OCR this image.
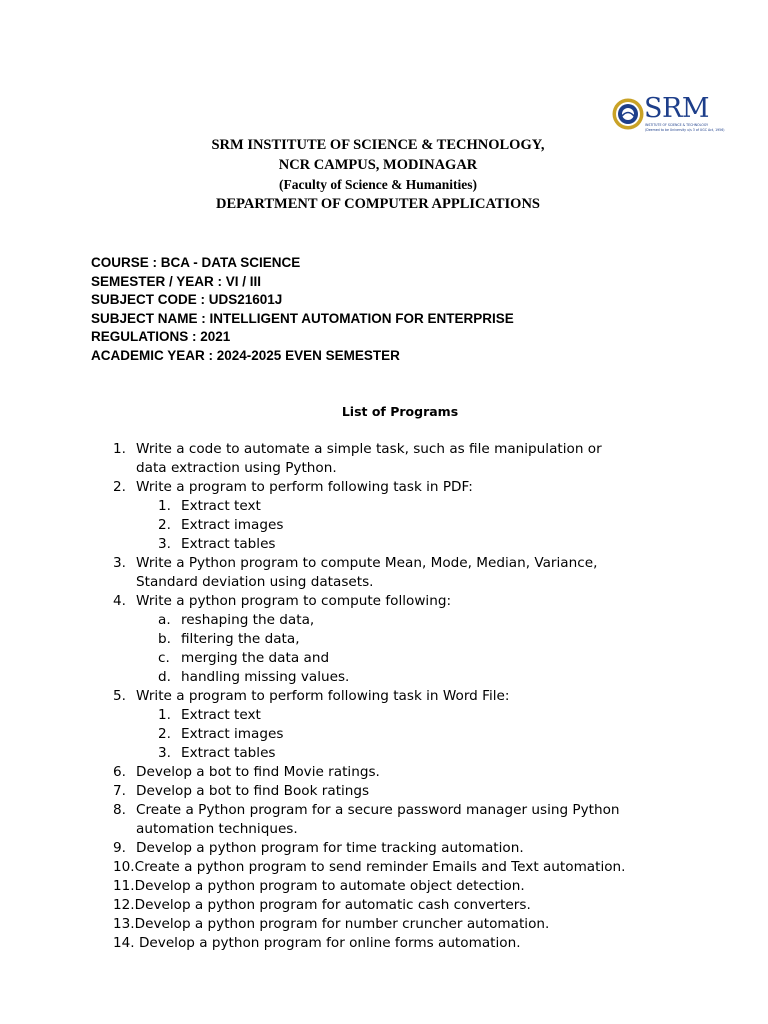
SRM
INSTITUTE OF SCIENCE & TECHNOLOGY
(Deemed to be University u/s 3 of UGC Act, 1956)
SRM INSTITUTE OF SCIENCE & TECHNOLOGY,
NCR CAMPUS, MODINAGAR
(Faculty of Science & Humanities)
DEPARTMENT OF COMPUTER APPLICATIONS
COURSE : BCA - DATA SCIENCE
SEMESTER / YEAR : VI / III
SUBJECT CODE : UDS21601J
SUBJECT NAME : INTELLIGENT AUTOMATION FOR ENTERPRISE
REGULATIONS : 2021
ACADEMIC YEAR : 2024-2025 EVEN SEMESTER
List of Programs
1. Write a code to automate a simple task, such as file manipulation or
data extraction using Python.
2. Write a program to perform following task in PDF:
1. Extract text
2. Extract images
3. Extract tables
3. Write a Python program to compute Mean, Mode, Median, Variance,
Standard deviation using datasets.
4. Write a python program to compute following:
a. reshaping the data,
b. filtering the data,
c. merging the data and
d. handling missing values.
5. Write a program to perform following task in Word File:
1. Extract text
2. Extract images
3. Extract tables
6. Develop a bot to find Movie ratings.
7. Develop a bot to find Book ratings
8. Create a Python program for a secure password manager using Python
automation techniques.
9. Develop a python program for time tracking automation.
10.Create a python program to send reminder Emails and Text automation.
11.Develop a python program to automate object detection.
12.Develop a python program for automatic cash converters.
13.Develop a python program for number cruncher automation.
14. Develop a python program for online forms automation.
